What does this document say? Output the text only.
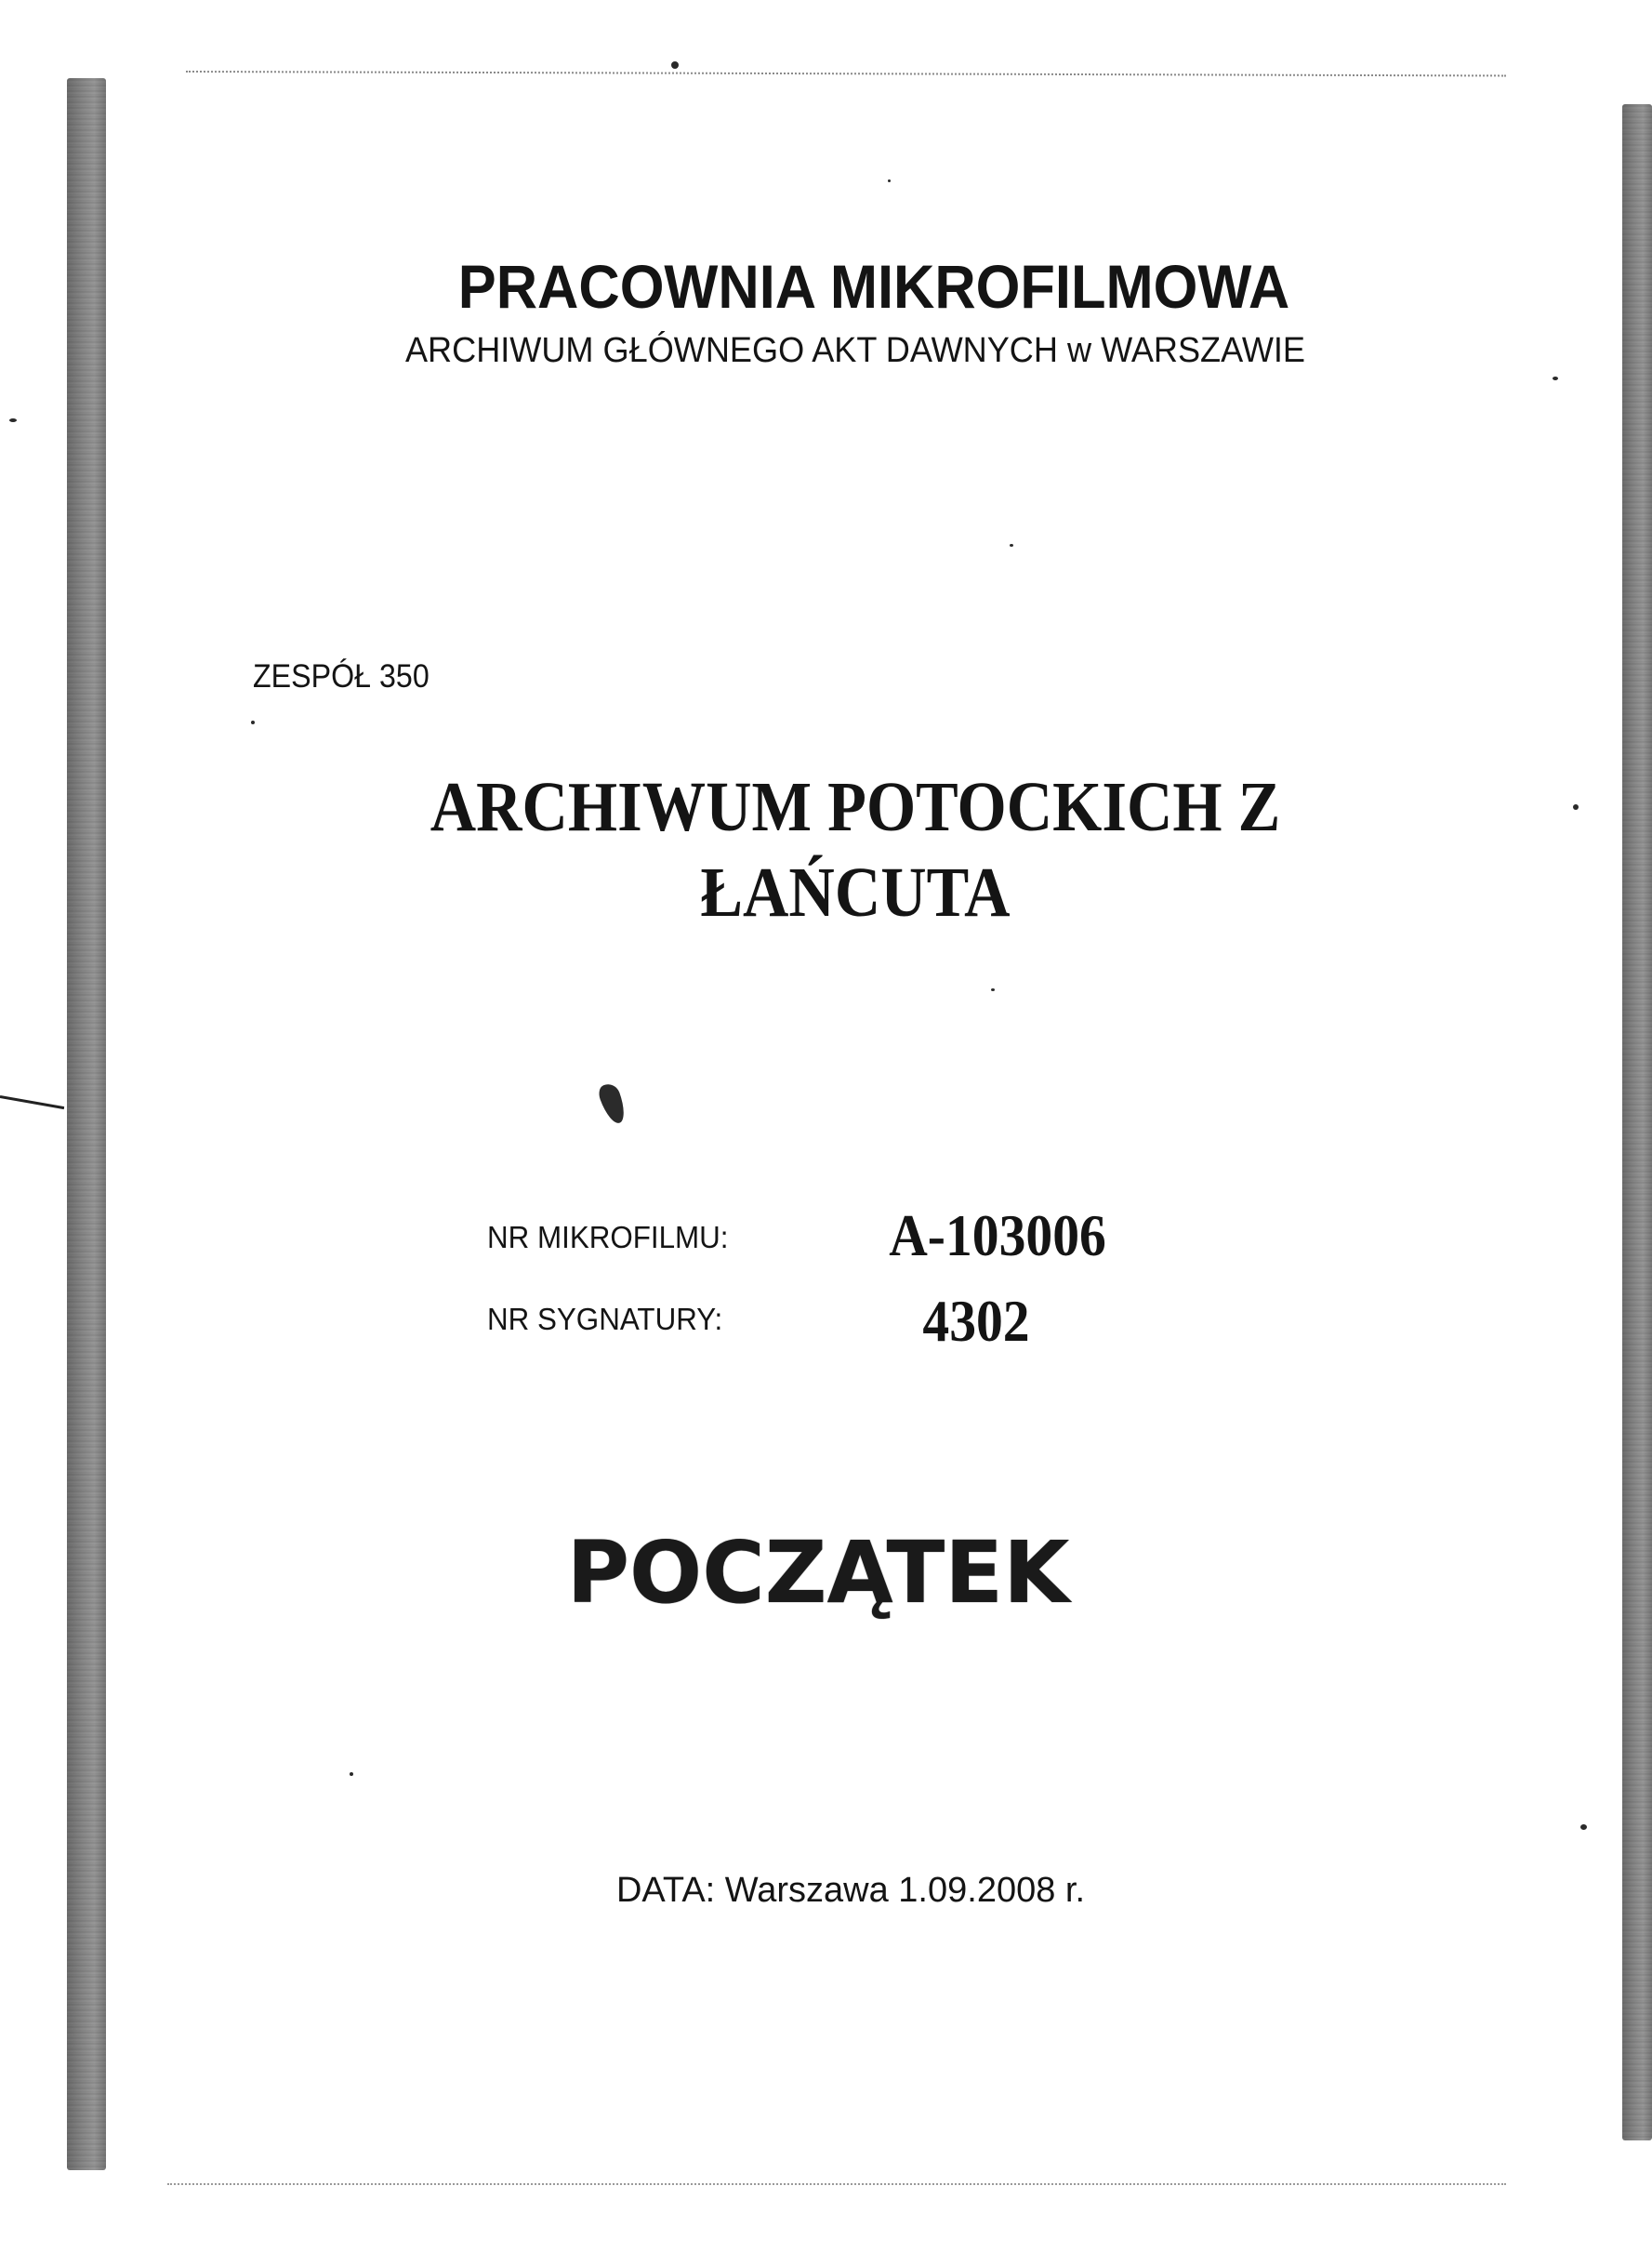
PRACOWNIA MIKROFILMOWA
ARCHIWUM GŁÓWNEGO AKT DAWNYCH w WARSZAWIE
ZESPÓŁ 350
ARCHIWUM POTOCKICH Z
ŁAŃCUTA
NR MIKROFILMU:	A-103006
NR SYGNATURY:	4302
POCZĄTEK
DATA: Warszawa 1.09.2008 r.
